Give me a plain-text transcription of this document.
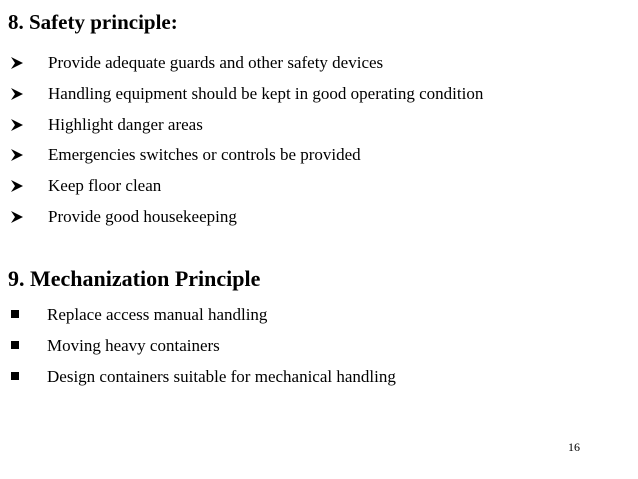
8. Safety principle:
Provide adequate guards and other safety devices
Handling equipment should be kept in good operating condition
Highlight danger areas
Emergencies switches or controls be provided
Keep floor clean
Provide good housekeeping
9. Mechanization Principle
Replace access manual handling
Moving heavy containers
Design containers suitable for mechanical handling
16
